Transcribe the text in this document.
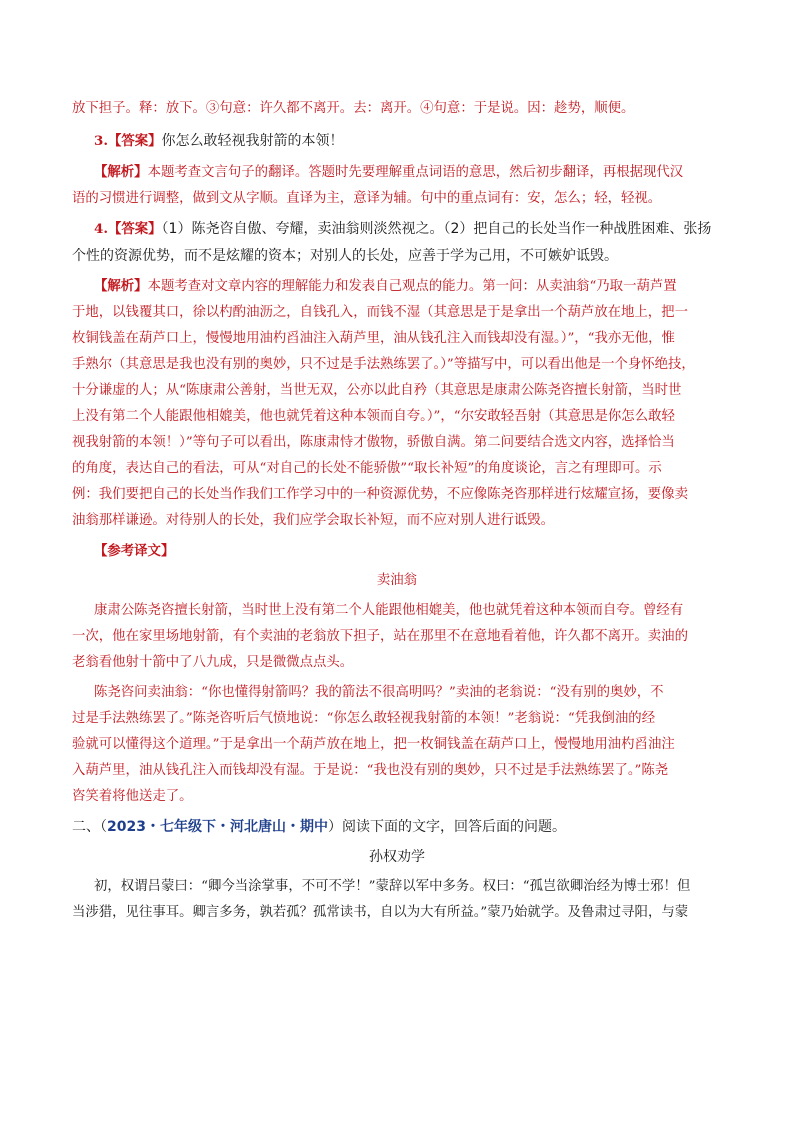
放下担子。释：放下。③句意：许久都不离开。去：离开。④句意：于是说。因：趁势，顺便。
3.【答案】你怎么敢轻视我射箭的本领！
【解析】本题考查文言句子的翻译。答题时先要理解重点词语的意思，然后初步翻译，再根据现代汉
语的习惯进行调整，做到文从字顺。直译为主，意译为辅。句中的重点词有：安，怎么；轻，轻视。
4.【答案】（1）陈尧咨自傲、夸耀，卖油翁则淡然视之。（2）把自己的长处当作一种战胜困难、张扬
个性的资源优势，而不是炫耀的资本；对别人的长处，应善于学为己用，不可嫉妒诋毁。
【解析】本题考查对文章内容的理解能力和发表自己观点的能力。第一问：从卖油翁“乃取一葫芦置
于地，以钱覆其口，徐以杓酌油沥之，自钱孔入，而钱不湿（其意思是于是拿出一个葫芦放在地上，把一
枚铜钱盖在葫芦口上，慢慢地用油杓舀油注入葫芦里，油从钱孔注入而钱却没有湿。）”，“我亦无他，惟
手熟尔（其意思是我也没有别的奥妙，只不过是手法熟练罢了。）”等描写中，可以看出他是一个身怀绝技，
十分谦虚的人；从“陈康肃公善射，当世无双，公亦以此自矜（其意思是康肃公陈尧咨擅长射箭，当时世
上没有第二个人能跟他相媲美，他也就凭着这种本领而自夸。）”，“尔安敢轻吾射（其意思是你怎么敢轻
视我射箭的本领！）”等句子可以看出，陈康肃恃才傲物，骄傲自满。第二问要结合选文内容，选择恰当
的角度，表达自己的看法，可从“对自己的长处不能骄傲”“取长补短”的角度谈论，言之有理即可。示
例：我们要把自己的长处当作我们工作学习中的一种资源优势，不应像陈尧咨那样进行炫耀宣扬，要像卖
油翁那样谦逊。对待别人的长处，我们应学会取长补短，而不应对别人进行诋毁。
【参考译文】
卖油翁
康肃公陈尧咨擅长射箭，当时世上没有第二个人能跟他相媲美，他也就凭着这种本领而自夸。曾经有
一次，他在家里场地射箭，有个卖油的老翁放下担子，站在那里不在意地看着他，许久都不离开。卖油的
老翁看他射十箭中了八九成，只是微微点点头。
陈尧咨问卖油翁：“你也懂得射箭吗？我的箭法不很高明吗？”卖油的老翁说：“没有别的奥妙，不
过是手法熟练罢了。”陈尧咨听后气愤地说：“你怎么敢轻视我射箭的本领！”老翁说：“凭我倒油的经
验就可以懂得这个道理。”于是拿出一个葫芦放在地上，把一枚铜钱盖在葫芦口上，慢慢地用油杓舀油注
入葫芦里，油从钱孔注入而钱却没有湿。于是说：“我也没有别的奥妙，只不过是手法熟练罢了。”陈尧
咨笑着将他送走了。
二、（2023・七年级下・河北唐山・期中）阅读下面的文字，回答后面的问题。
孙权劝学
初，权谓吕蒙曰：“卿今当涂掌事，不可不学！”蒙辞以军中多务。权曰：“孤岂欲卿治经为博士邪！但
当涉猎，见往事耳。卿言多务，孰若孤？孤常读书，自以为大有所益。”蒙乃始就学。及鲁肃过寻阳，与蒙
